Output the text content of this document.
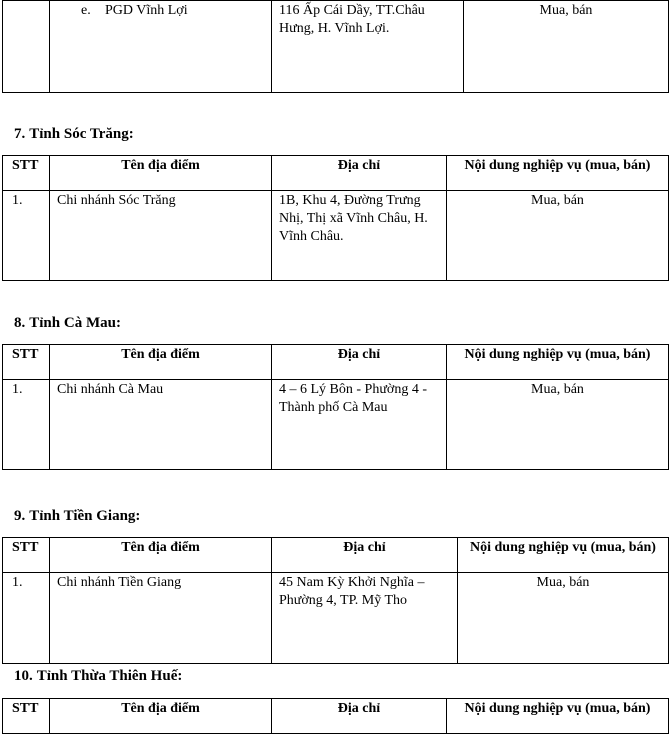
	e. PGD Vĩnh Lợi	116 Ấp Cái Dầy, TT.Châu Hưng, H. Vĩnh Lợi.	Mua, bán

7. Tỉnh Sóc Trăng:

STT	Tên địa điểm	Địa chỉ	Nội dung nghiệp vụ (mua, bán)
1.	Chi nhánh Sóc Trăng	1B, Khu 4, Đường Trưng Nhị, Thị xã Vĩnh Châu, H. Vĩnh Châu.	Mua, bán

8. Tỉnh Cà Mau:

STT	Tên địa điểm	Địa chỉ	Nội dung nghiệp vụ (mua, bán)
1.	Chi nhánh Cà Mau	4 – 6 Lý Bôn - Phường 4 - Thành phố Cà Mau	Mua, bán

9. Tỉnh Tiền Giang:

STT	Tên địa điểm	Địa chỉ	Nội dung nghiệp vụ (mua, bán)
1.	Chi nhánh Tiền Giang	45 Nam Kỳ Khởi Nghĩa – Phường 4, TP. Mỹ Tho	Mua, bán

10. Tỉnh Thừa Thiên Huế:

STT	Tên địa điểm	Địa chỉ	Nội dung nghiệp vụ (mua, bán)
